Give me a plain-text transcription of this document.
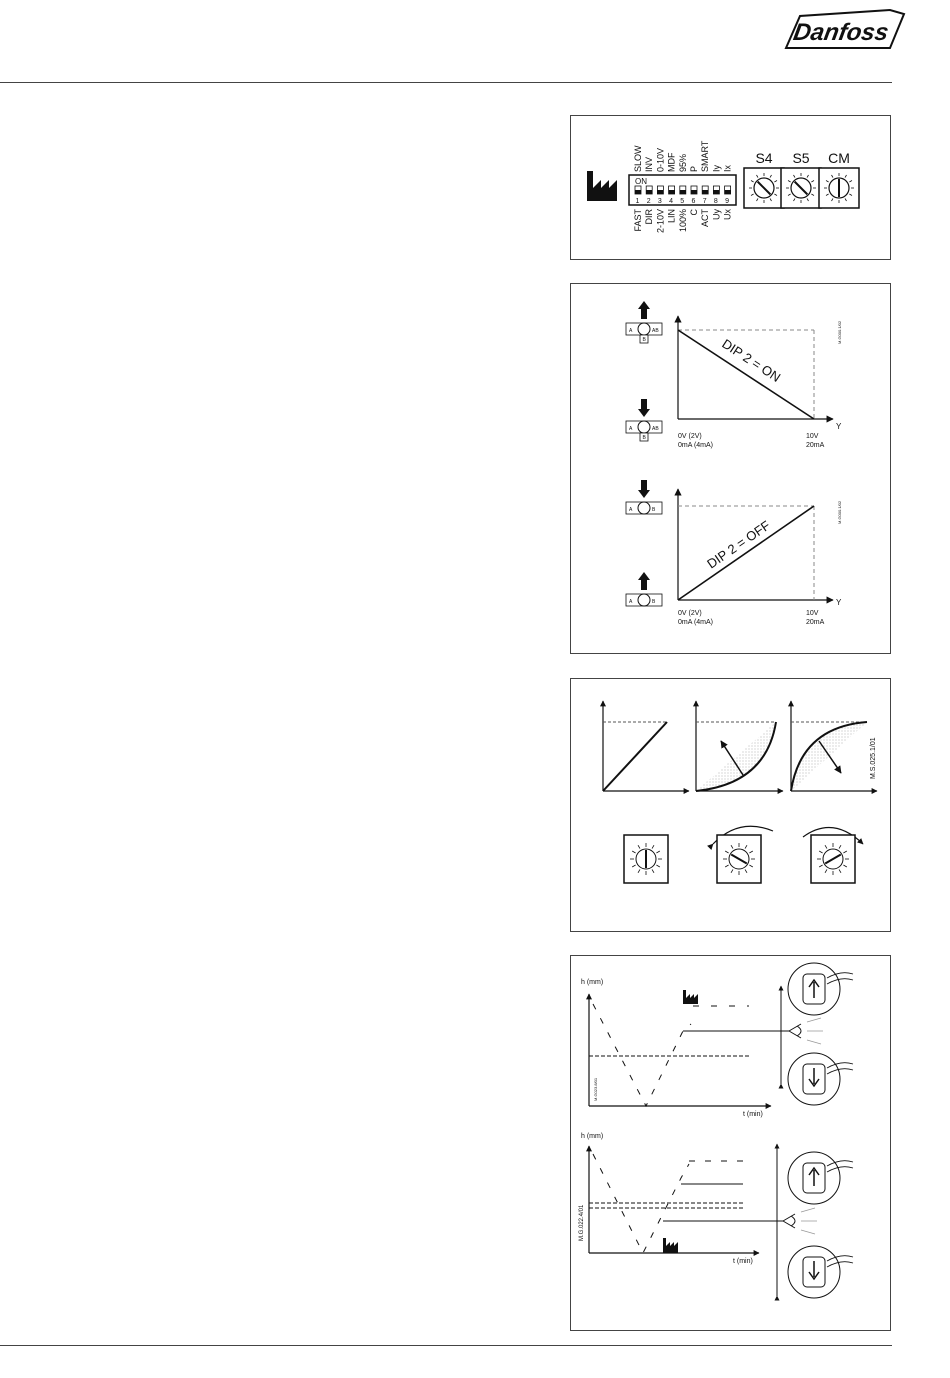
Danfoss
SLOW INV 0-10V MDF 95% P SMART Iy Ix
ON
1 2 3 4 5 6 7 8 9
FAST DIR 2-10V LIN 100% C ACT Uy Ux
S4 S5 CM
Y
DIP 2 = ON
0V (2V)
0mA (4mA)
10V
20mA
M.G000.1/02
Y
DIP 2 = OFF
0V (2V)
0mA (4mA)
10V
20mA
M.G000.1/02
A	AB
B
A	AB
B
A	B
A	B
M.S.025.1/01
h (mm)
t (min)
M.G023.8/01
h (mm)
t (min)
M.G.022.4/01
